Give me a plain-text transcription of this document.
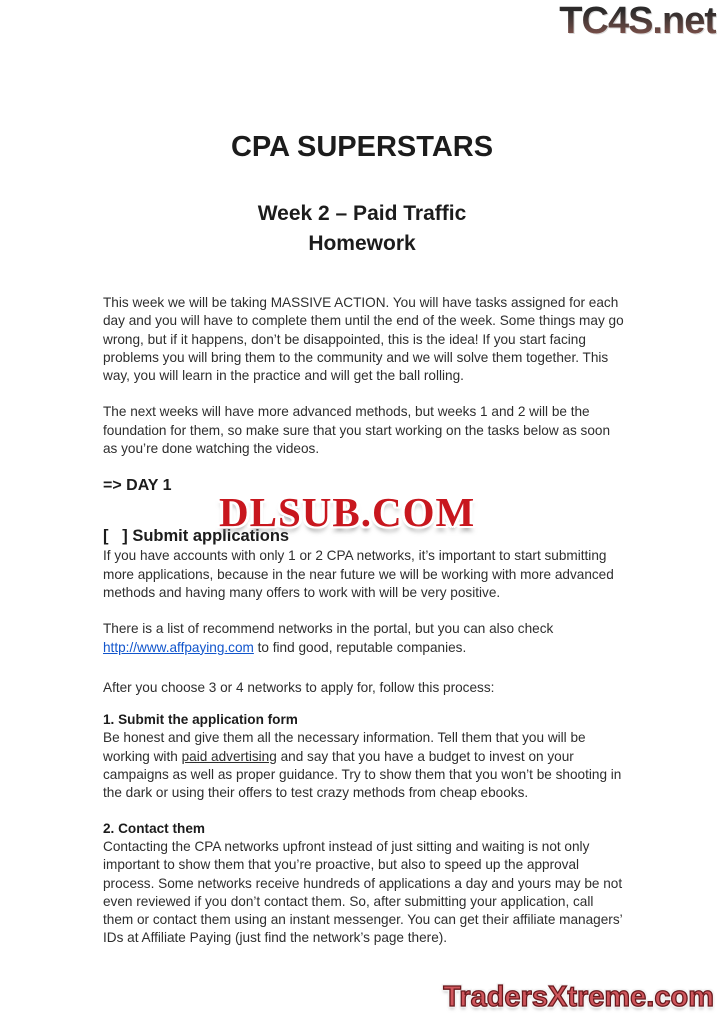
TC4S.net
CPA SUPERSTARS
Week 2 – Paid Traffic
Homework

This week we will be taking MASSIVE ACTION. You will have tasks assigned for each day and you will have to complete them until the end of the week. Some things may go wrong, but if it happens, don’t be disappointed, this is the idea! If you start facing problems you will bring them to the community and we will solve them together. This way, you will learn in the practice and will get the ball rolling.

The next weeks will have more advanced methods, but weeks 1 and 2 will be the foundation for them, so make sure that you start working on the tasks below as soon as you’re done watching the videos.

=> DAY 1
[   ] Submit applications

If you have accounts with only 1 or 2 CPA networks, it’s important to start submitting more applications, because in the near future we will be working with more advanced methods and having many offers to work with will be very positive.

There is a list of recommend networks in the portal, but you can also check http://www.affpaying.com to find good, reputable companies.

After you choose 3 or 4 networks to apply for, follow this process:

1. Submit the application form

Be honest and give them all the necessary information. Tell them that you will be working with paid advertising and say that you have a budget to invest on your campaigns as well as proper guidance. Try to show them that you won’t be shooting in the dark or using their offers to test crazy methods from cheap ebooks.

2. Contact them

Contacting the CPA networks upfront instead of just sitting and waiting is not only important to show them that you’re proactive, but also to speed up the approval process. Some networks receive hundreds of applications a day and yours may be not even reviewed if you don’t contact them. So, after submitting your application, call them or contact them using an instant messenger. You can get their affiliate managers’ IDs at Affiliate Paying (just find the network’s page there).

DLSUB.COM
TradersXtreme.com
